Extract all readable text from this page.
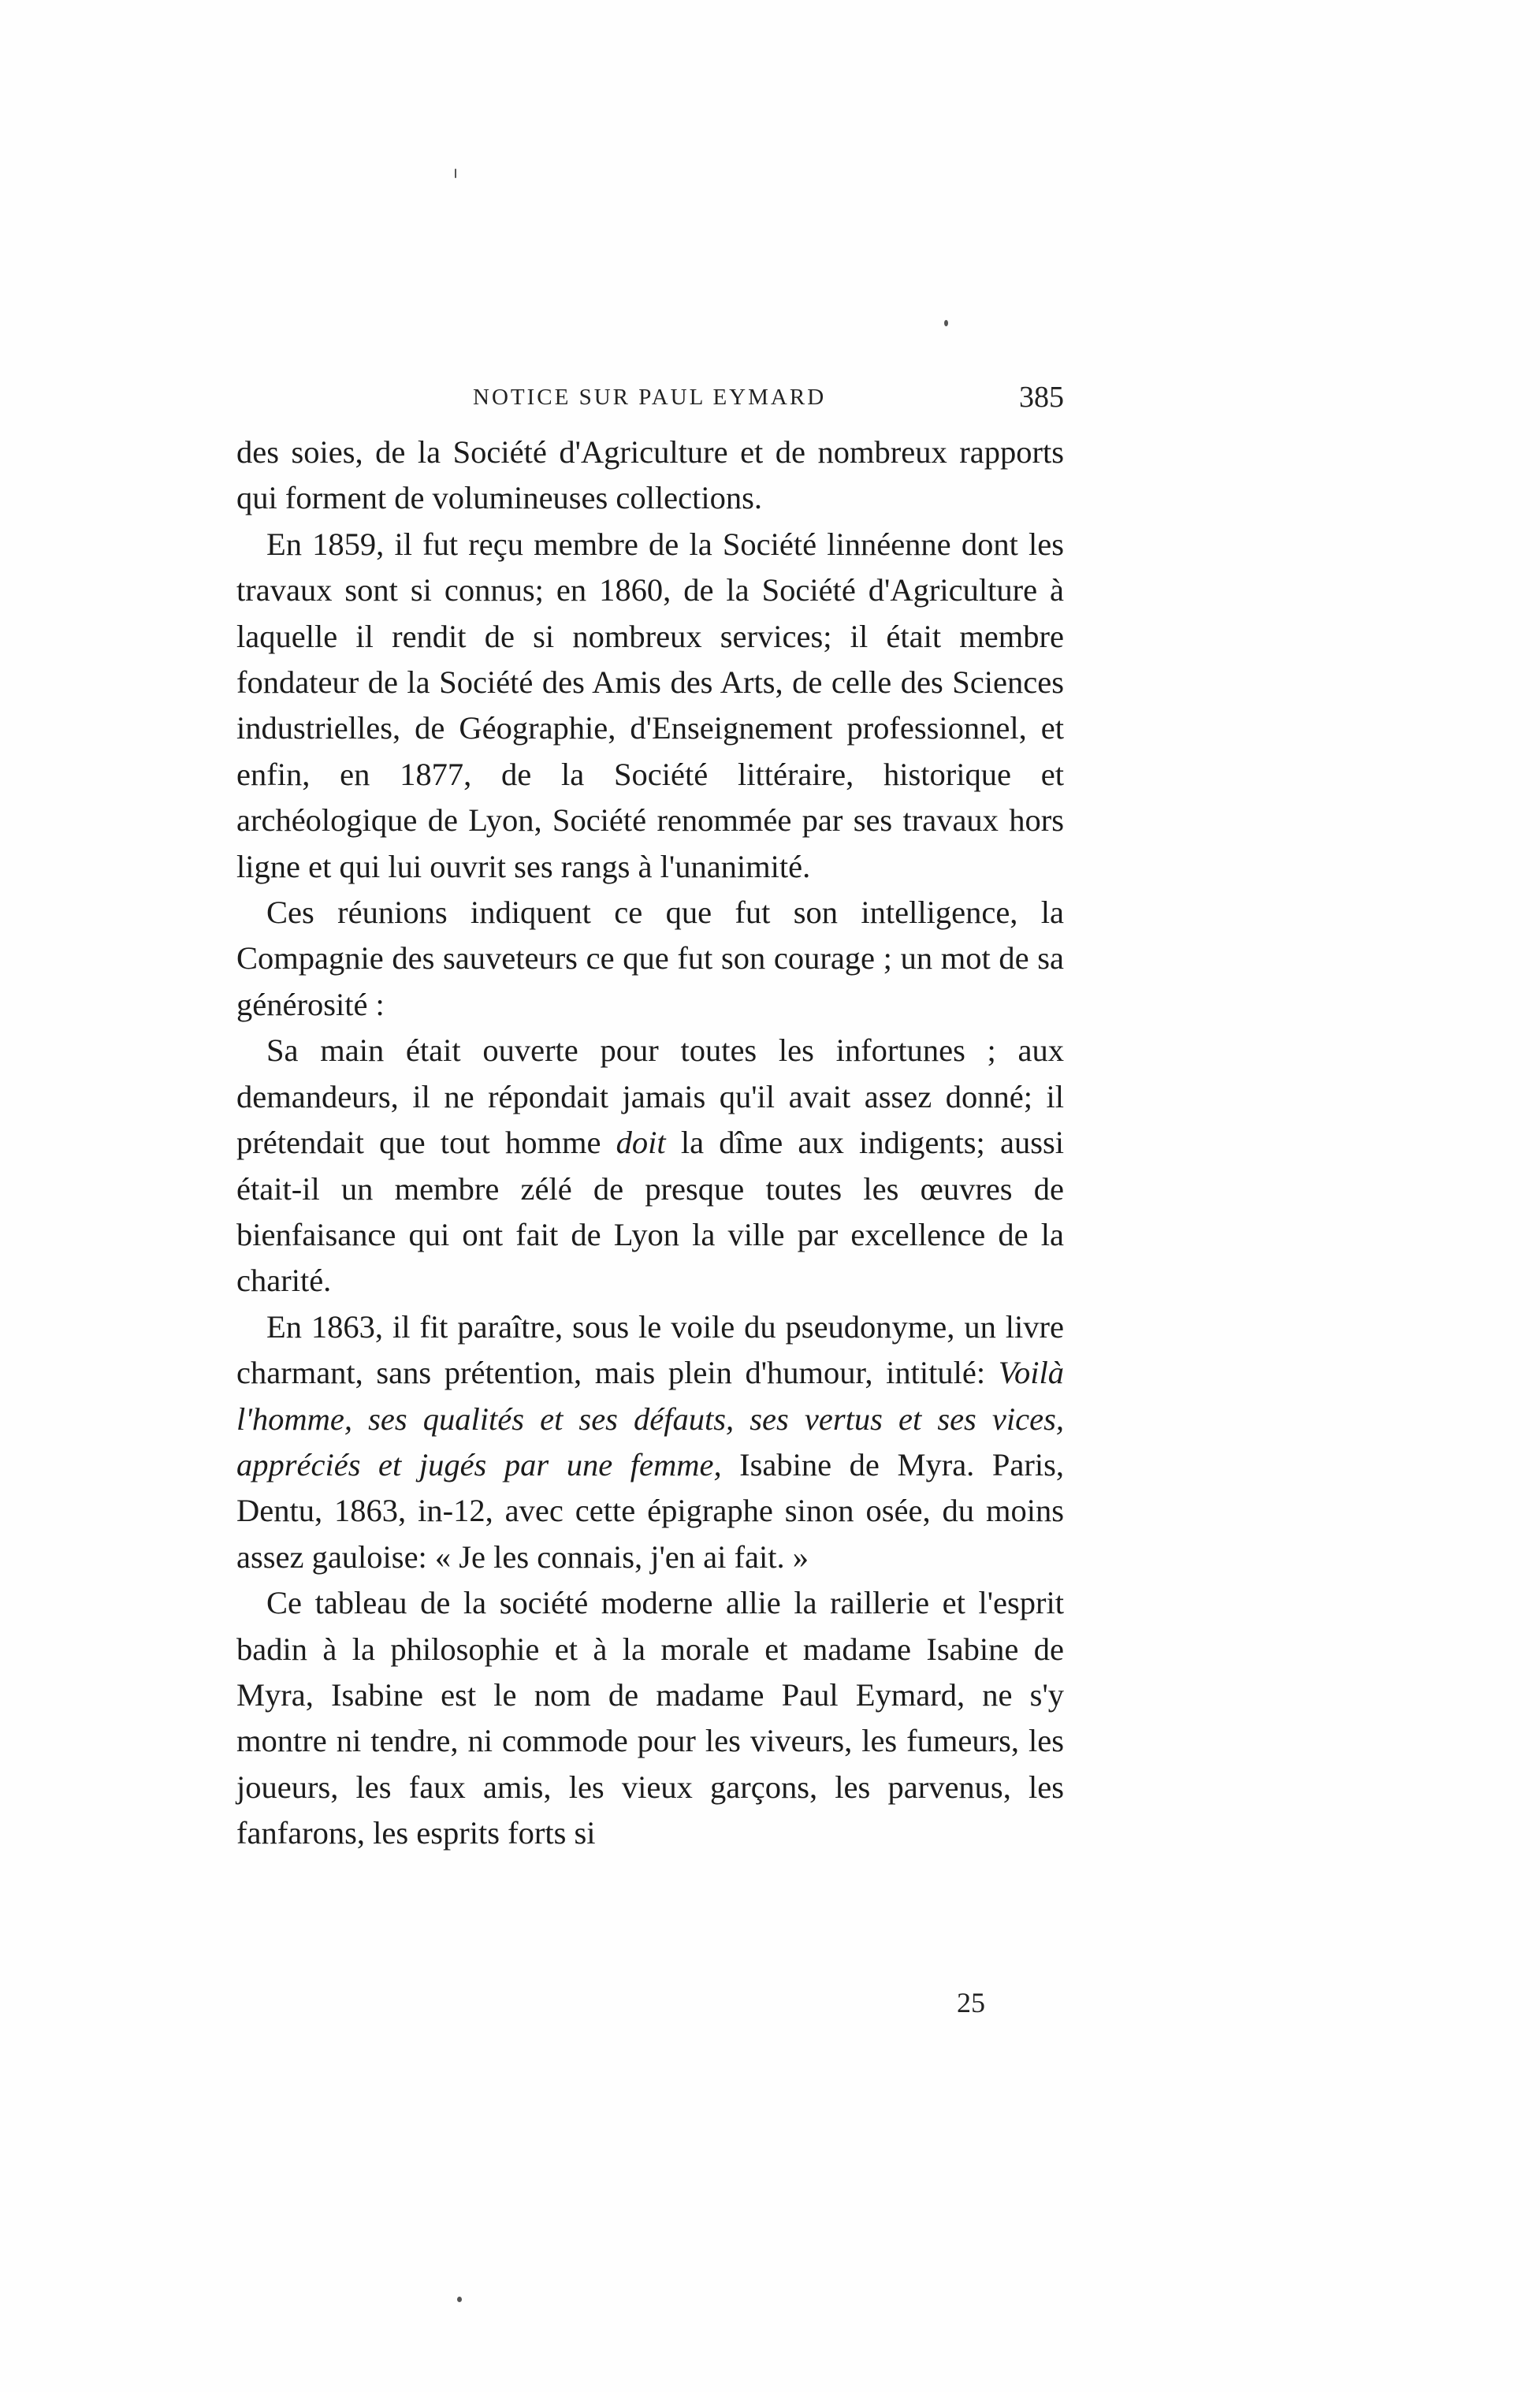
NOTICE SUR PAUL EYMARD	385

des soies, de la Société d'Agriculture et de nombreux rapports qui forment de volumineuses collections.

En 1859, il fut reçu membre de la Société linnéenne dont les travaux sont si connus; en 1860, de la Société d'Agriculture à laquelle il rendit de si nombreux services; il était membre fondateur de la Société des Amis des Arts, de celle des Sciences industrielles, de Géographie, d'Enseignement professionnel, et enfin, en 1877, de la Société littéraire, historique et archéologique de Lyon, Société renommée par ses travaux hors ligne et qui lui ouvrit ses rangs à l'unanimité.

Ces réunions indiquent ce que fut son intelligence, la Compagnie des sauveteurs ce que fut son courage ; un mot de sa générosité :

Sa main était ouverte pour toutes les infortunes ; aux demandeurs, il ne répondait jamais qu'il avait assez donné; il prétendait que tout homme doit la dîme aux indigents; aussi était-il un membre zélé de presque toutes les œuvres de bienfaisance qui ont fait de Lyon la ville par excellence de la charité.

En 1863, il fit paraître, sous le voile du pseudonyme, un livre charmant, sans prétention, mais plein d'humour, intitulé: Voilà l'homme, ses qualités et ses défauts, ses vertus et ses vices, appréciés et jugés par une femme, Isabine de Myra. Paris, Dentu, 1863, in-12, avec cette épigraphe sinon osée, du moins assez gauloise: « Je les connais, j'en ai fait. »

Ce tableau de la société moderne allie la raillerie et l'esprit badin à la philosophie et à la morale et madame Isabine de Myra, Isabine est le nom de madame Paul Eymard, ne s'y montre ni tendre, ni commode pour les viveurs, les fumeurs, les joueurs, les faux amis, les vieux garçons, les parvenus, les fanfarons, les esprits forts si

25
